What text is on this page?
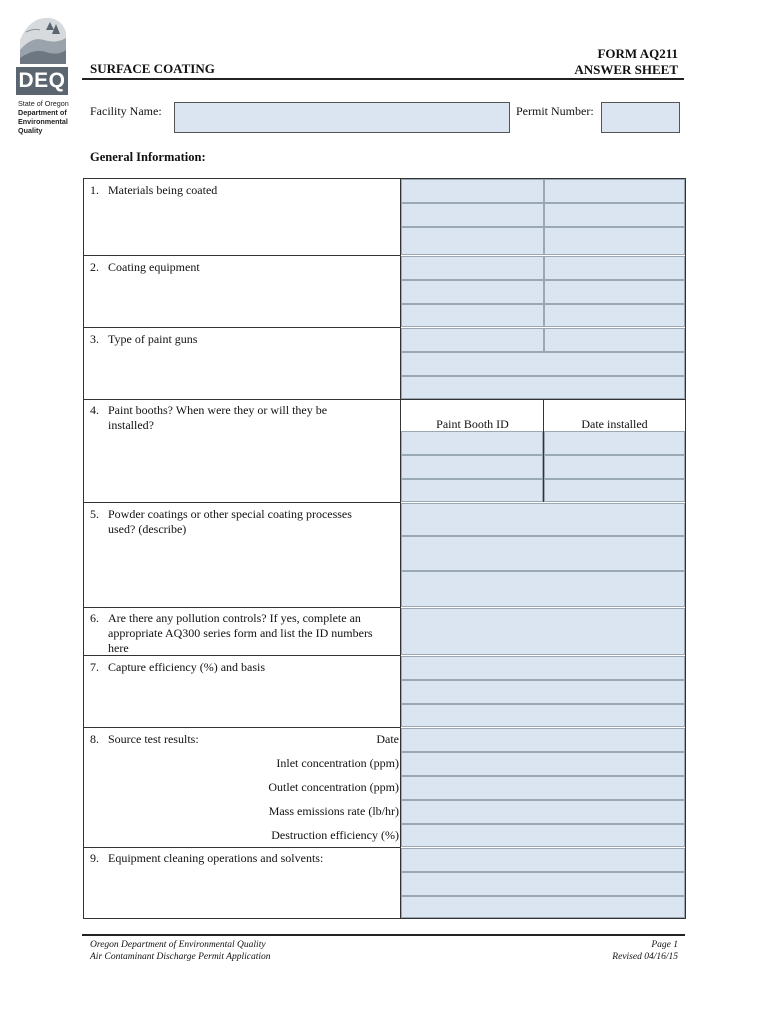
DEQ
State of Oregon
Department of
Environmental
Quality
SURFACE COATING
FORM AQ211
ANSWER SHEET
Facility Name:	Permit Number:
General Information:
1. Materials being coated
2. Coating equipment
3. Type of paint guns
4. Paint booths? When were they or will they be installed?
5. Powder coatings or other special coating processes used? (describe)
6. Are there any pollution controls? If yes, complete an appropriate AQ300 series form and list the ID numbers here
7. Capture efficiency (%) and basis
8. Source test results:
9. Equipment cleaning operations and solvents:
Date
Inlet concentration (ppm)
Outlet concentration (ppm)
Mass emissions rate (lb/hr)
Destruction efficiency (%)
Paint Booth ID	Date installed
Oregon Department of Environmental Quality
Air Contaminant Discharge Permit Application
Page 1
Revised 04/16/15
